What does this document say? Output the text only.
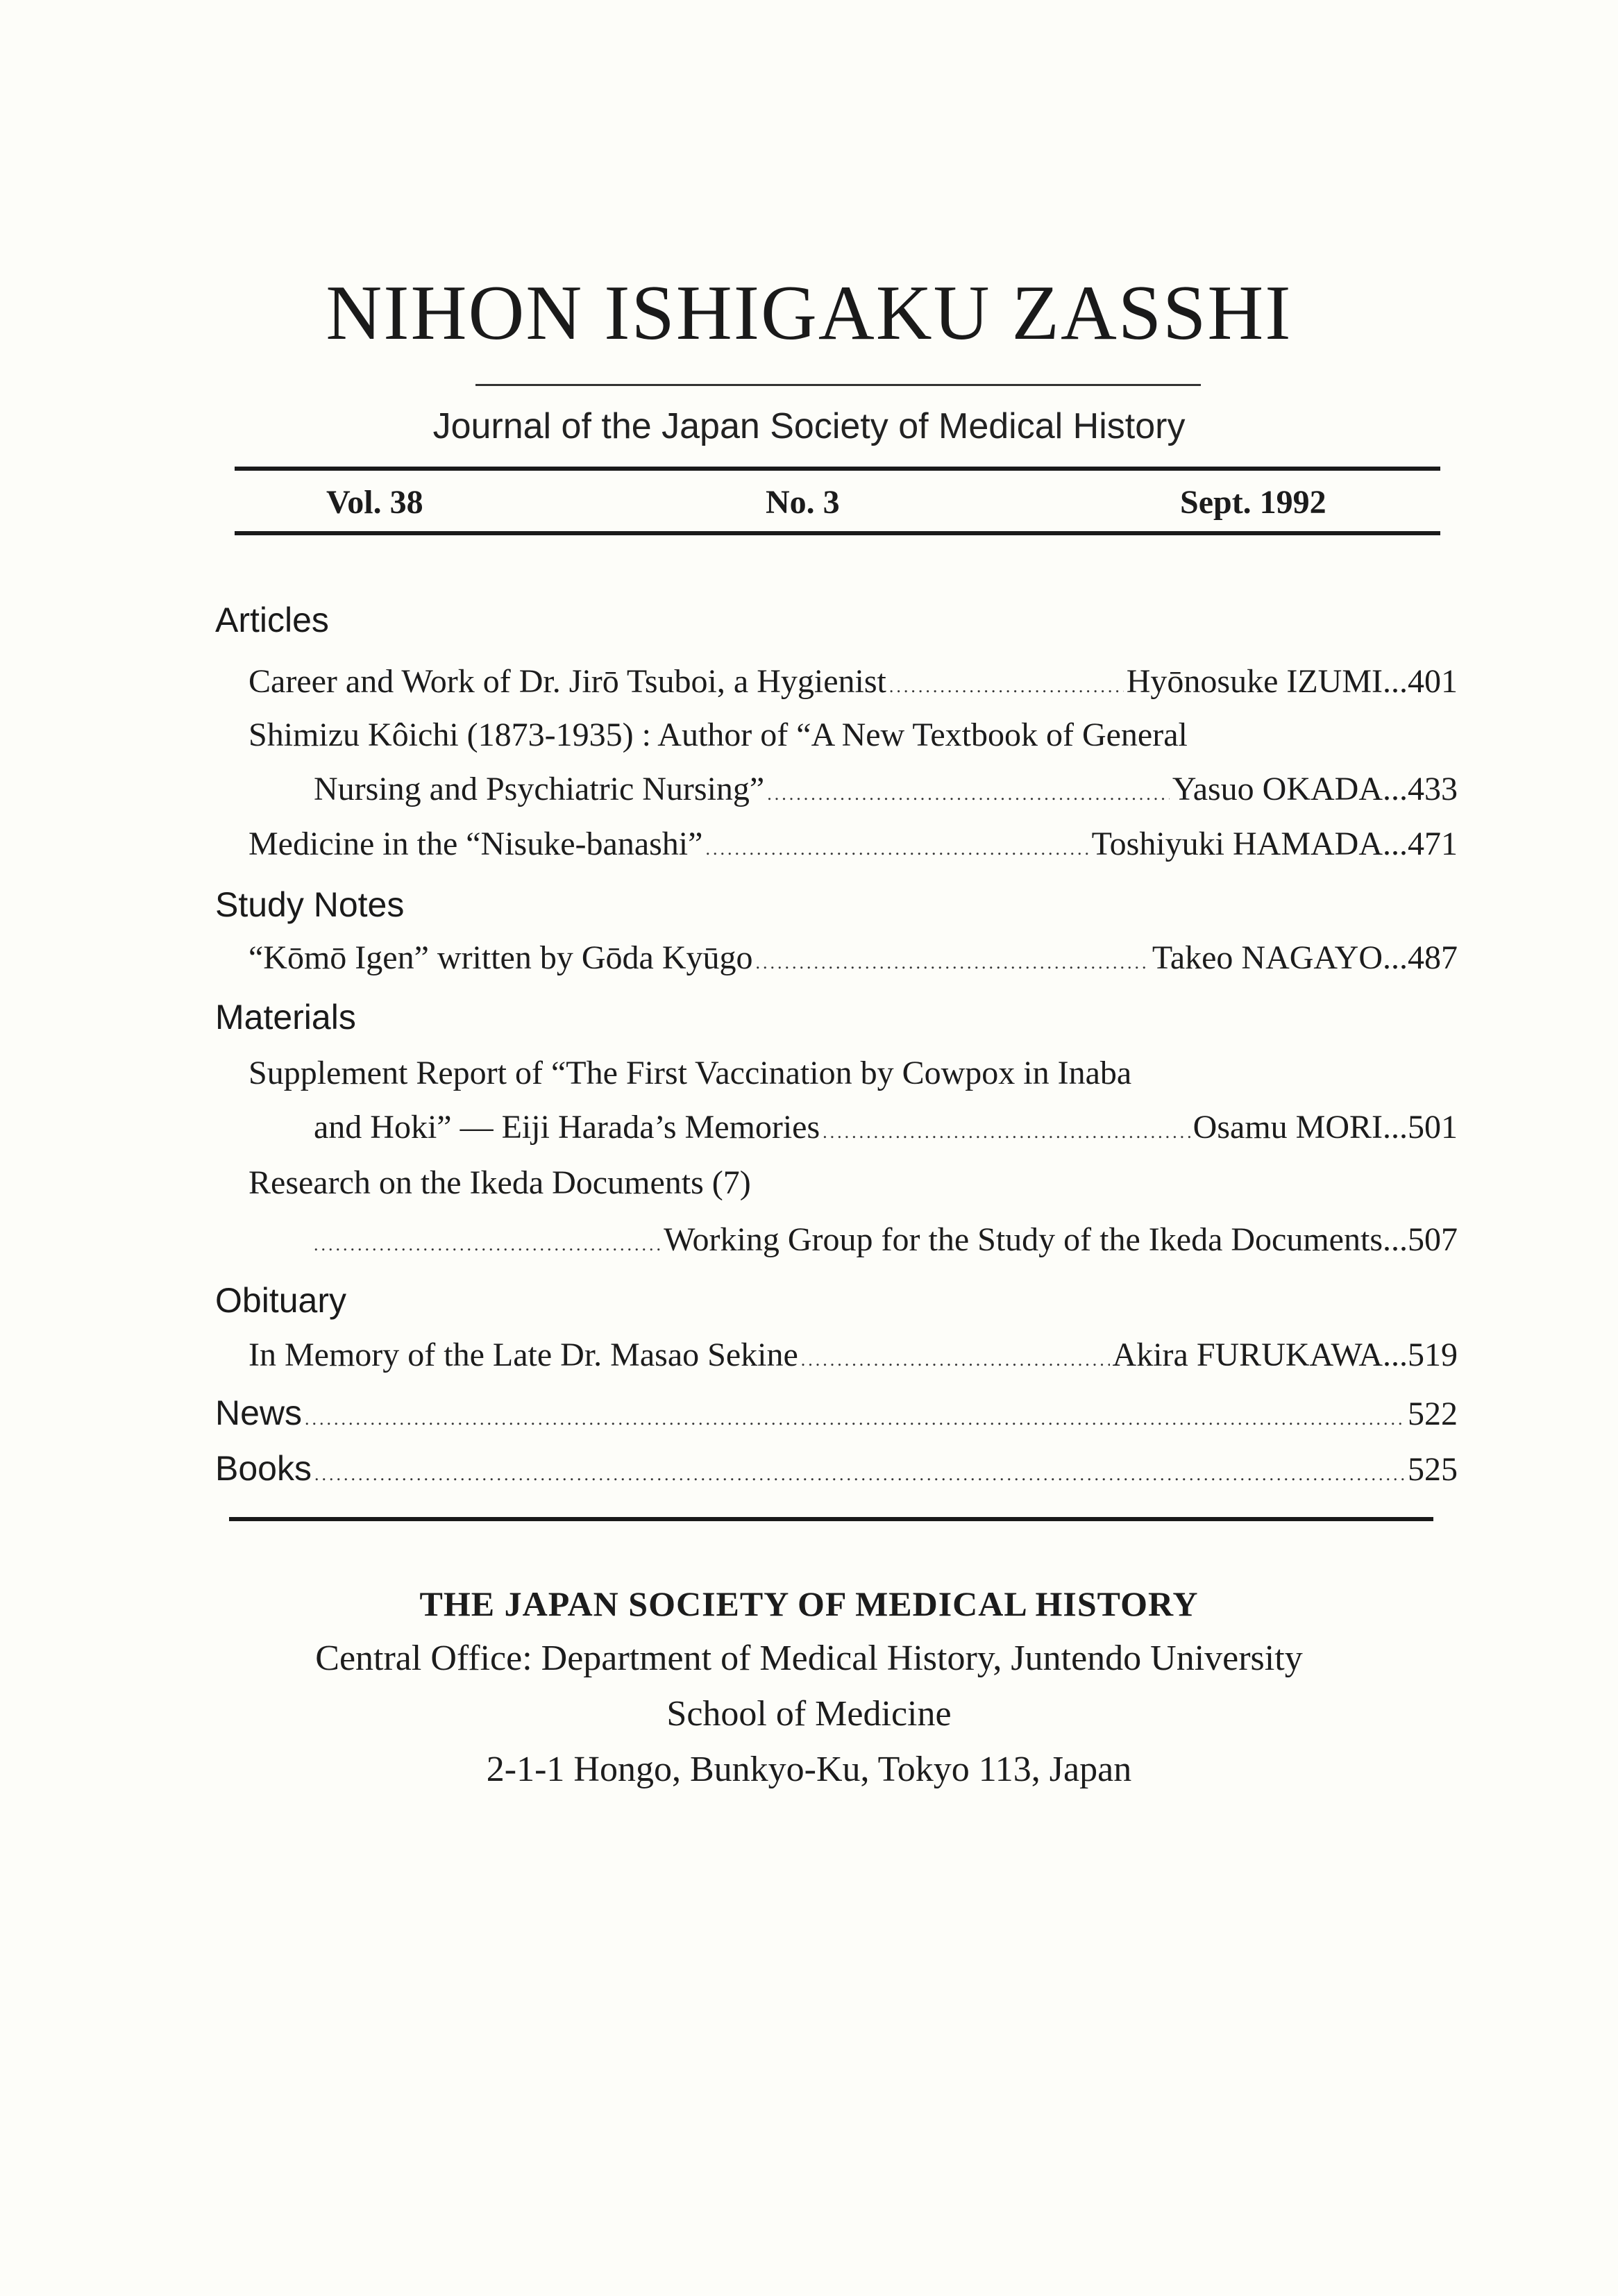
NIHON ISHIGAKU ZASSHI
Journal of the Japan Society of Medical History
Vol. 38	No. 3	Sept. 1992
Articles
Career and Work of Dr. Jirō Tsuboi, a Hygienist .....	Hyōnosuke IZUMI ...401
Shimizu Kôichi (1873-1935) : Author of “A New Textbook of General
Nursing and Psychiatric Nursing” .....	Yasuo OKADA ...433
Medicine in the “Nisuke-banashi” .....	Toshiyuki HAMADA ...471
Study Notes
“Kōmō Igen” written by Gōda Kyūgo .....	Takeo NAGAYO ...487
Materials
Supplement Report of “The First Vaccination by Cowpox in Inaba
and Hoki” — Eiji Harada’s Memories .....	Osamu MORI ...501
Research on the Ikeda Documents (7)
.....
Working Group for the Study of the Ikeda Documents ...507
Obituary
In Memory of the Late Dr. Masao Sekine .....	Akira FURUKAWA ...519
News .....	522
Books .....	525
THE JAPAN SOCIETY OF MEDICAL HISTORY
Central Office: Department of Medical History, Juntendo University
School of Medicine
2-1-1 Hongo, Bunkyo-Ku, Tokyo 113, Japan
